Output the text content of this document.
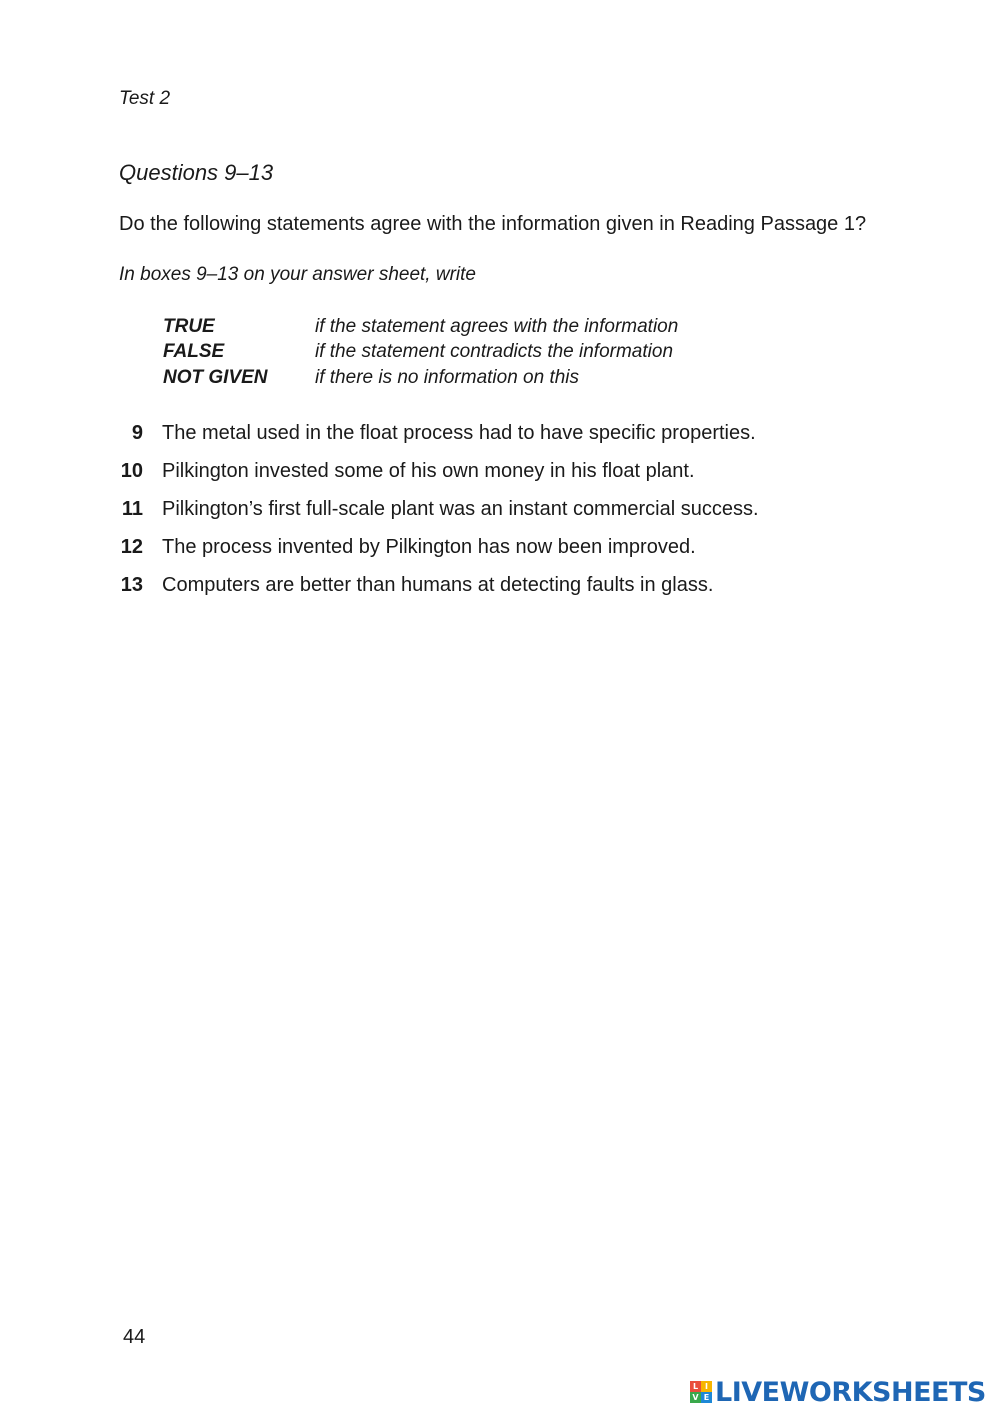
Test 2
Questions 9–13
Do the following statements agree with the information given in Reading Passage 1?
In boxes 9–13 on your answer sheet, write
TRUE	if the statement agrees with the information
FALSE	if the statement contradicts the information
NOT GIVEN	if there is no information on this
9 The metal used in the float process had to have specific properties.
10 Pilkington invested some of his own money in his float plant.
11 Pilkington’s first full-scale plant was an instant commercial success.
12 The process invented by Pilkington has now been improved.
13 Computers are better than humans at detecting faults in glass.
44
L I
V E LIVEWORKSHEETS
